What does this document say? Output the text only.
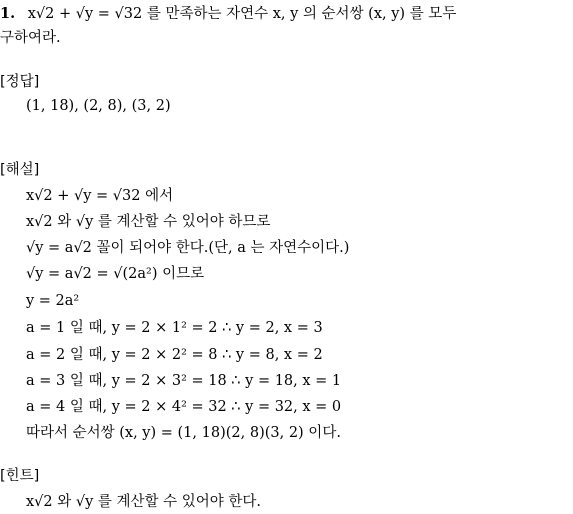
1. x√2 + √y = √32 를 만족하는 자연수 x, y 의 순서쌍 (x, y) 를 모두
구하여라.
[정답]
(1, 18), (2, 8), (3, 2)
[해설]
x√2 + √y = √32 에서
x√2 와 √y 를 계산할 수 있어야 하므로
√y = a√2 꼴이 되어야 한다.(단, a 는 자연수이다.)
√y = a√2 = √(2a²) 이므로
y = 2a²
a = 1 일 때, y = 2 × 1² = 2 ∴ y = 2, x = 3
a = 2 일 때, y = 2 × 2² = 8 ∴ y = 8, x = 2
a = 3 일 때, y = 2 × 3² = 18 ∴ y = 18, x = 1
a = 4 일 때, y = 2 × 4² = 32 ∴ y = 32, x = 0
따라서 순서쌍 (x, y) = (1, 18)(2, 8)(3, 2) 이다.
[힌트]
x√2 와 √y 를 계산할 수 있어야 한다.
